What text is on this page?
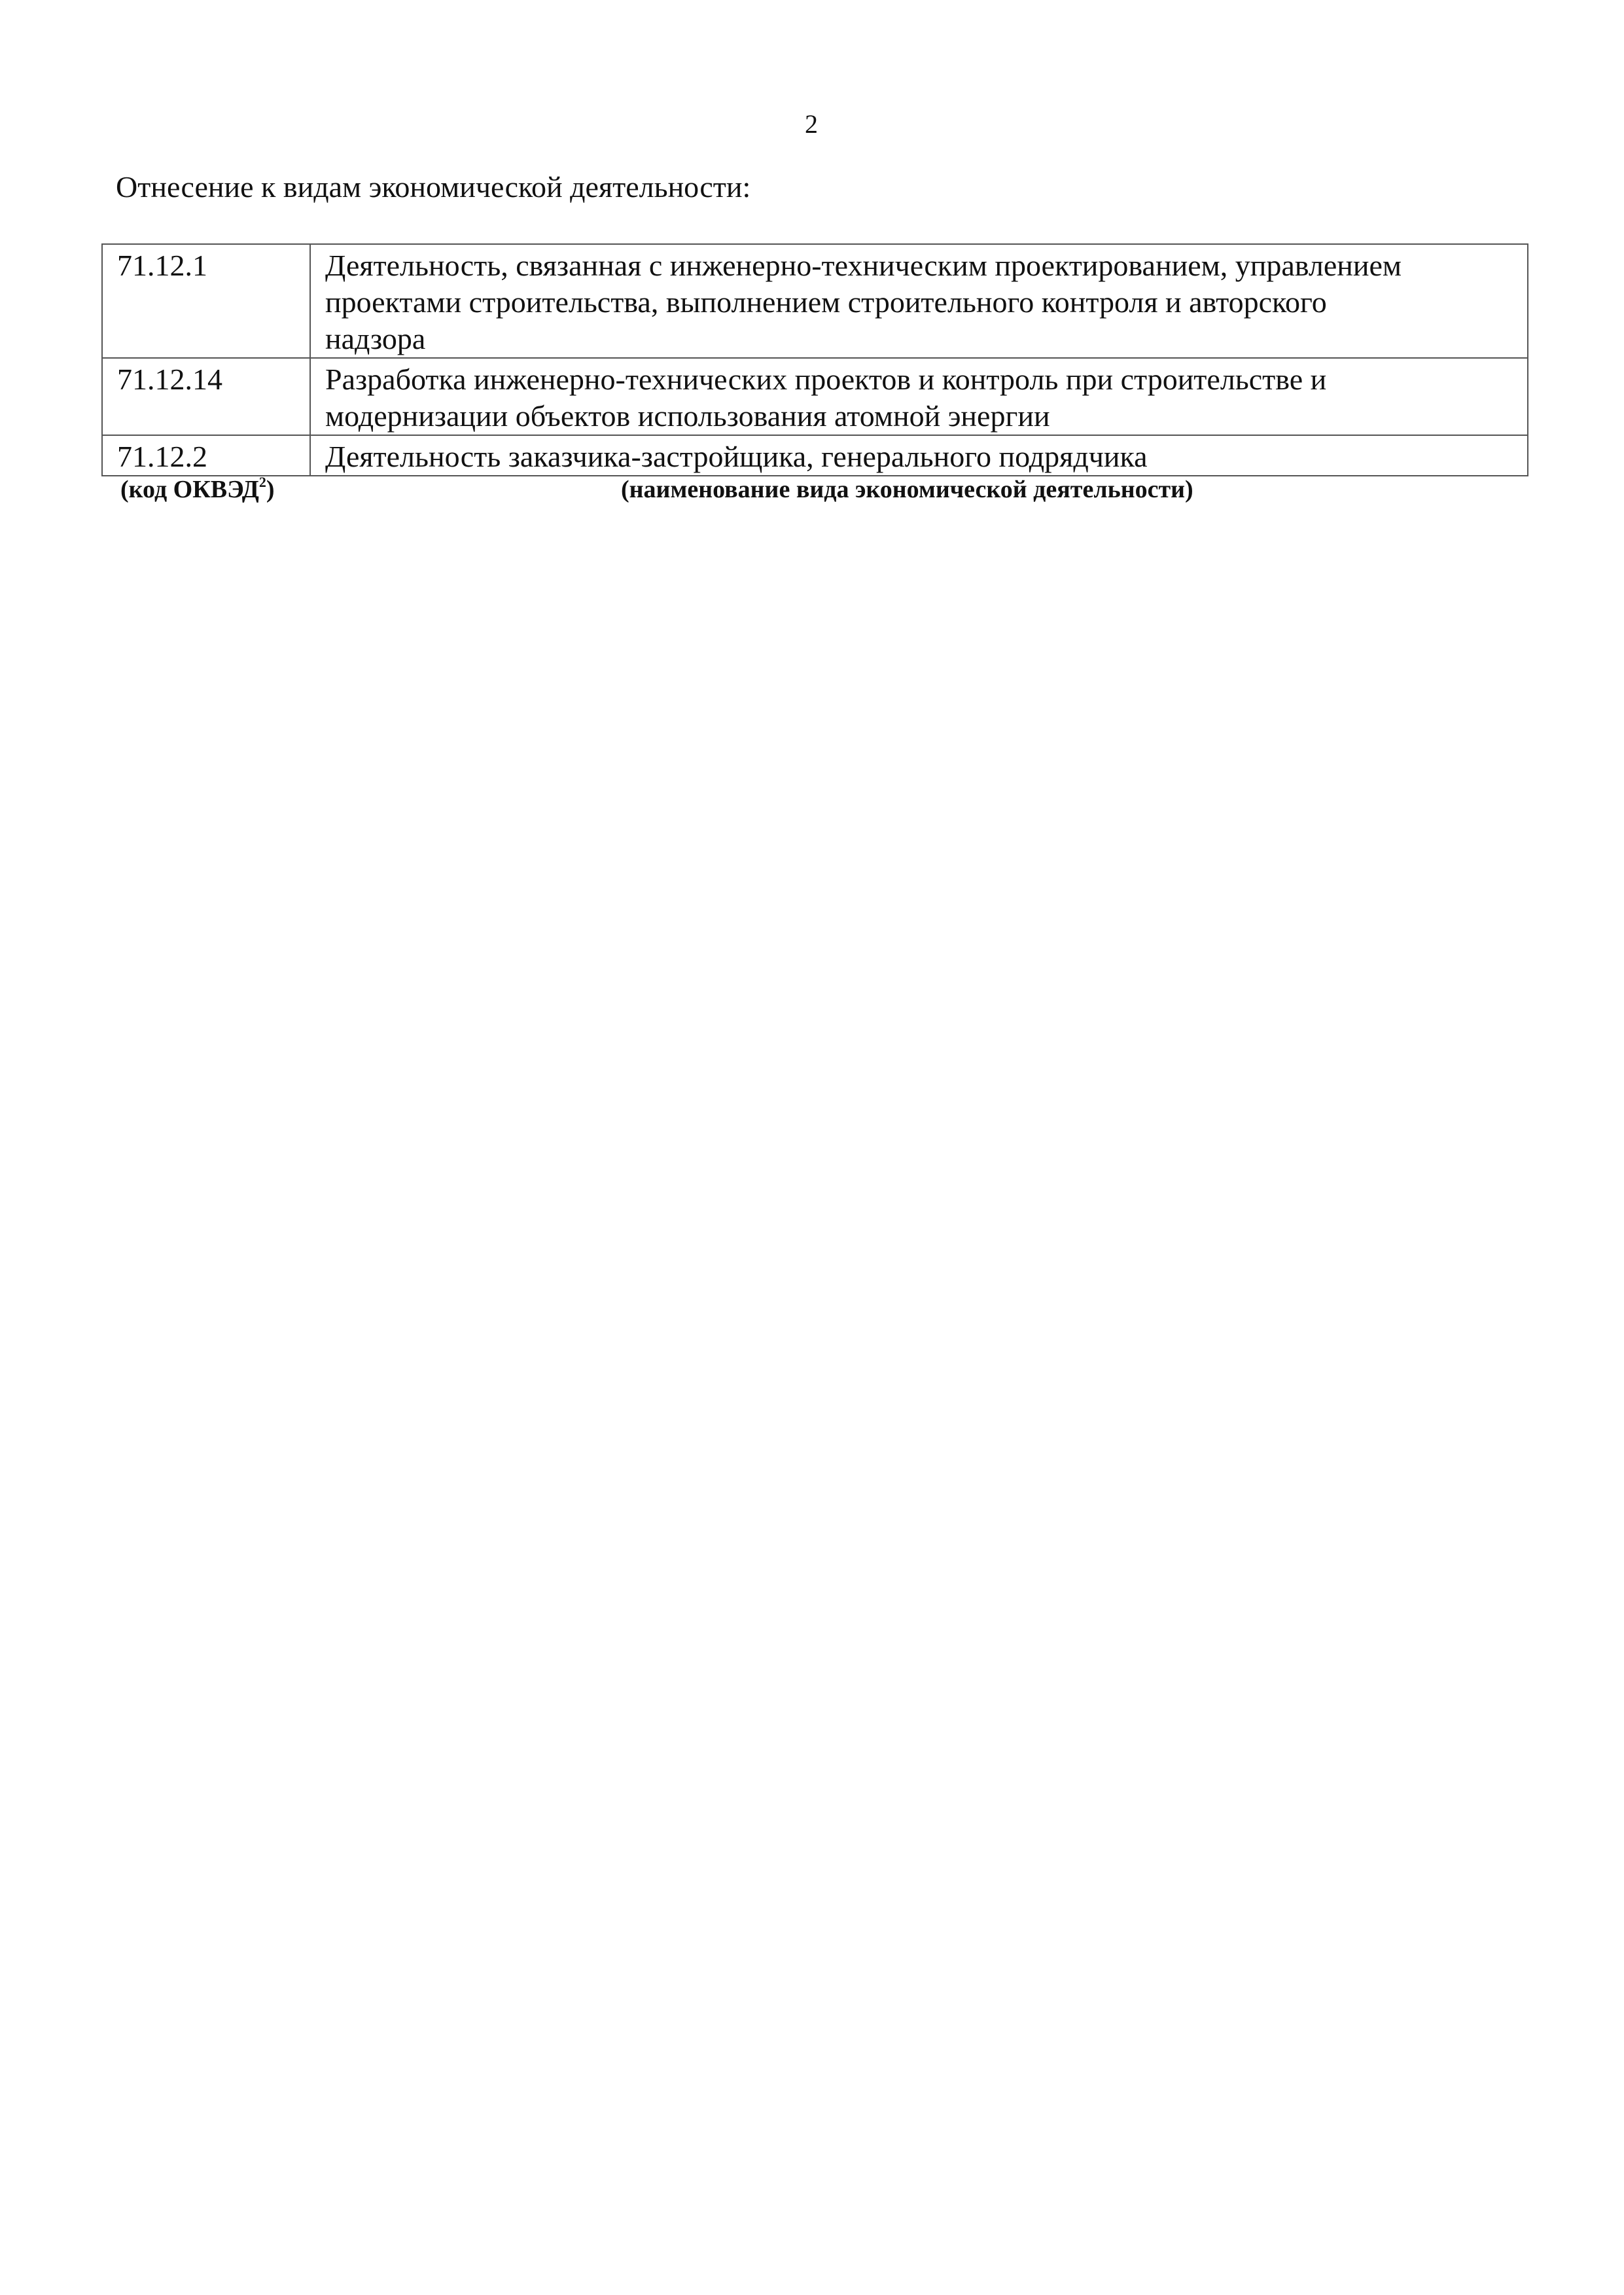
2
Отнесение к видам экономической деятельности:
71.12.1	Деятельность, связанная с инженерно-техническим проектированием, управлением
проектами строительства, выполнением строительного контроля и авторского
надзора

71.12.14	Разработка инженерно-технических проектов и контроль при строительстве и
модернизации объектов использования атомной энергии

71.12.2	Деятельность заказчика-застройщика, генерального подрядчика
(код ОКВЭД$^2$)	(наименование вида экономической деятельности)
